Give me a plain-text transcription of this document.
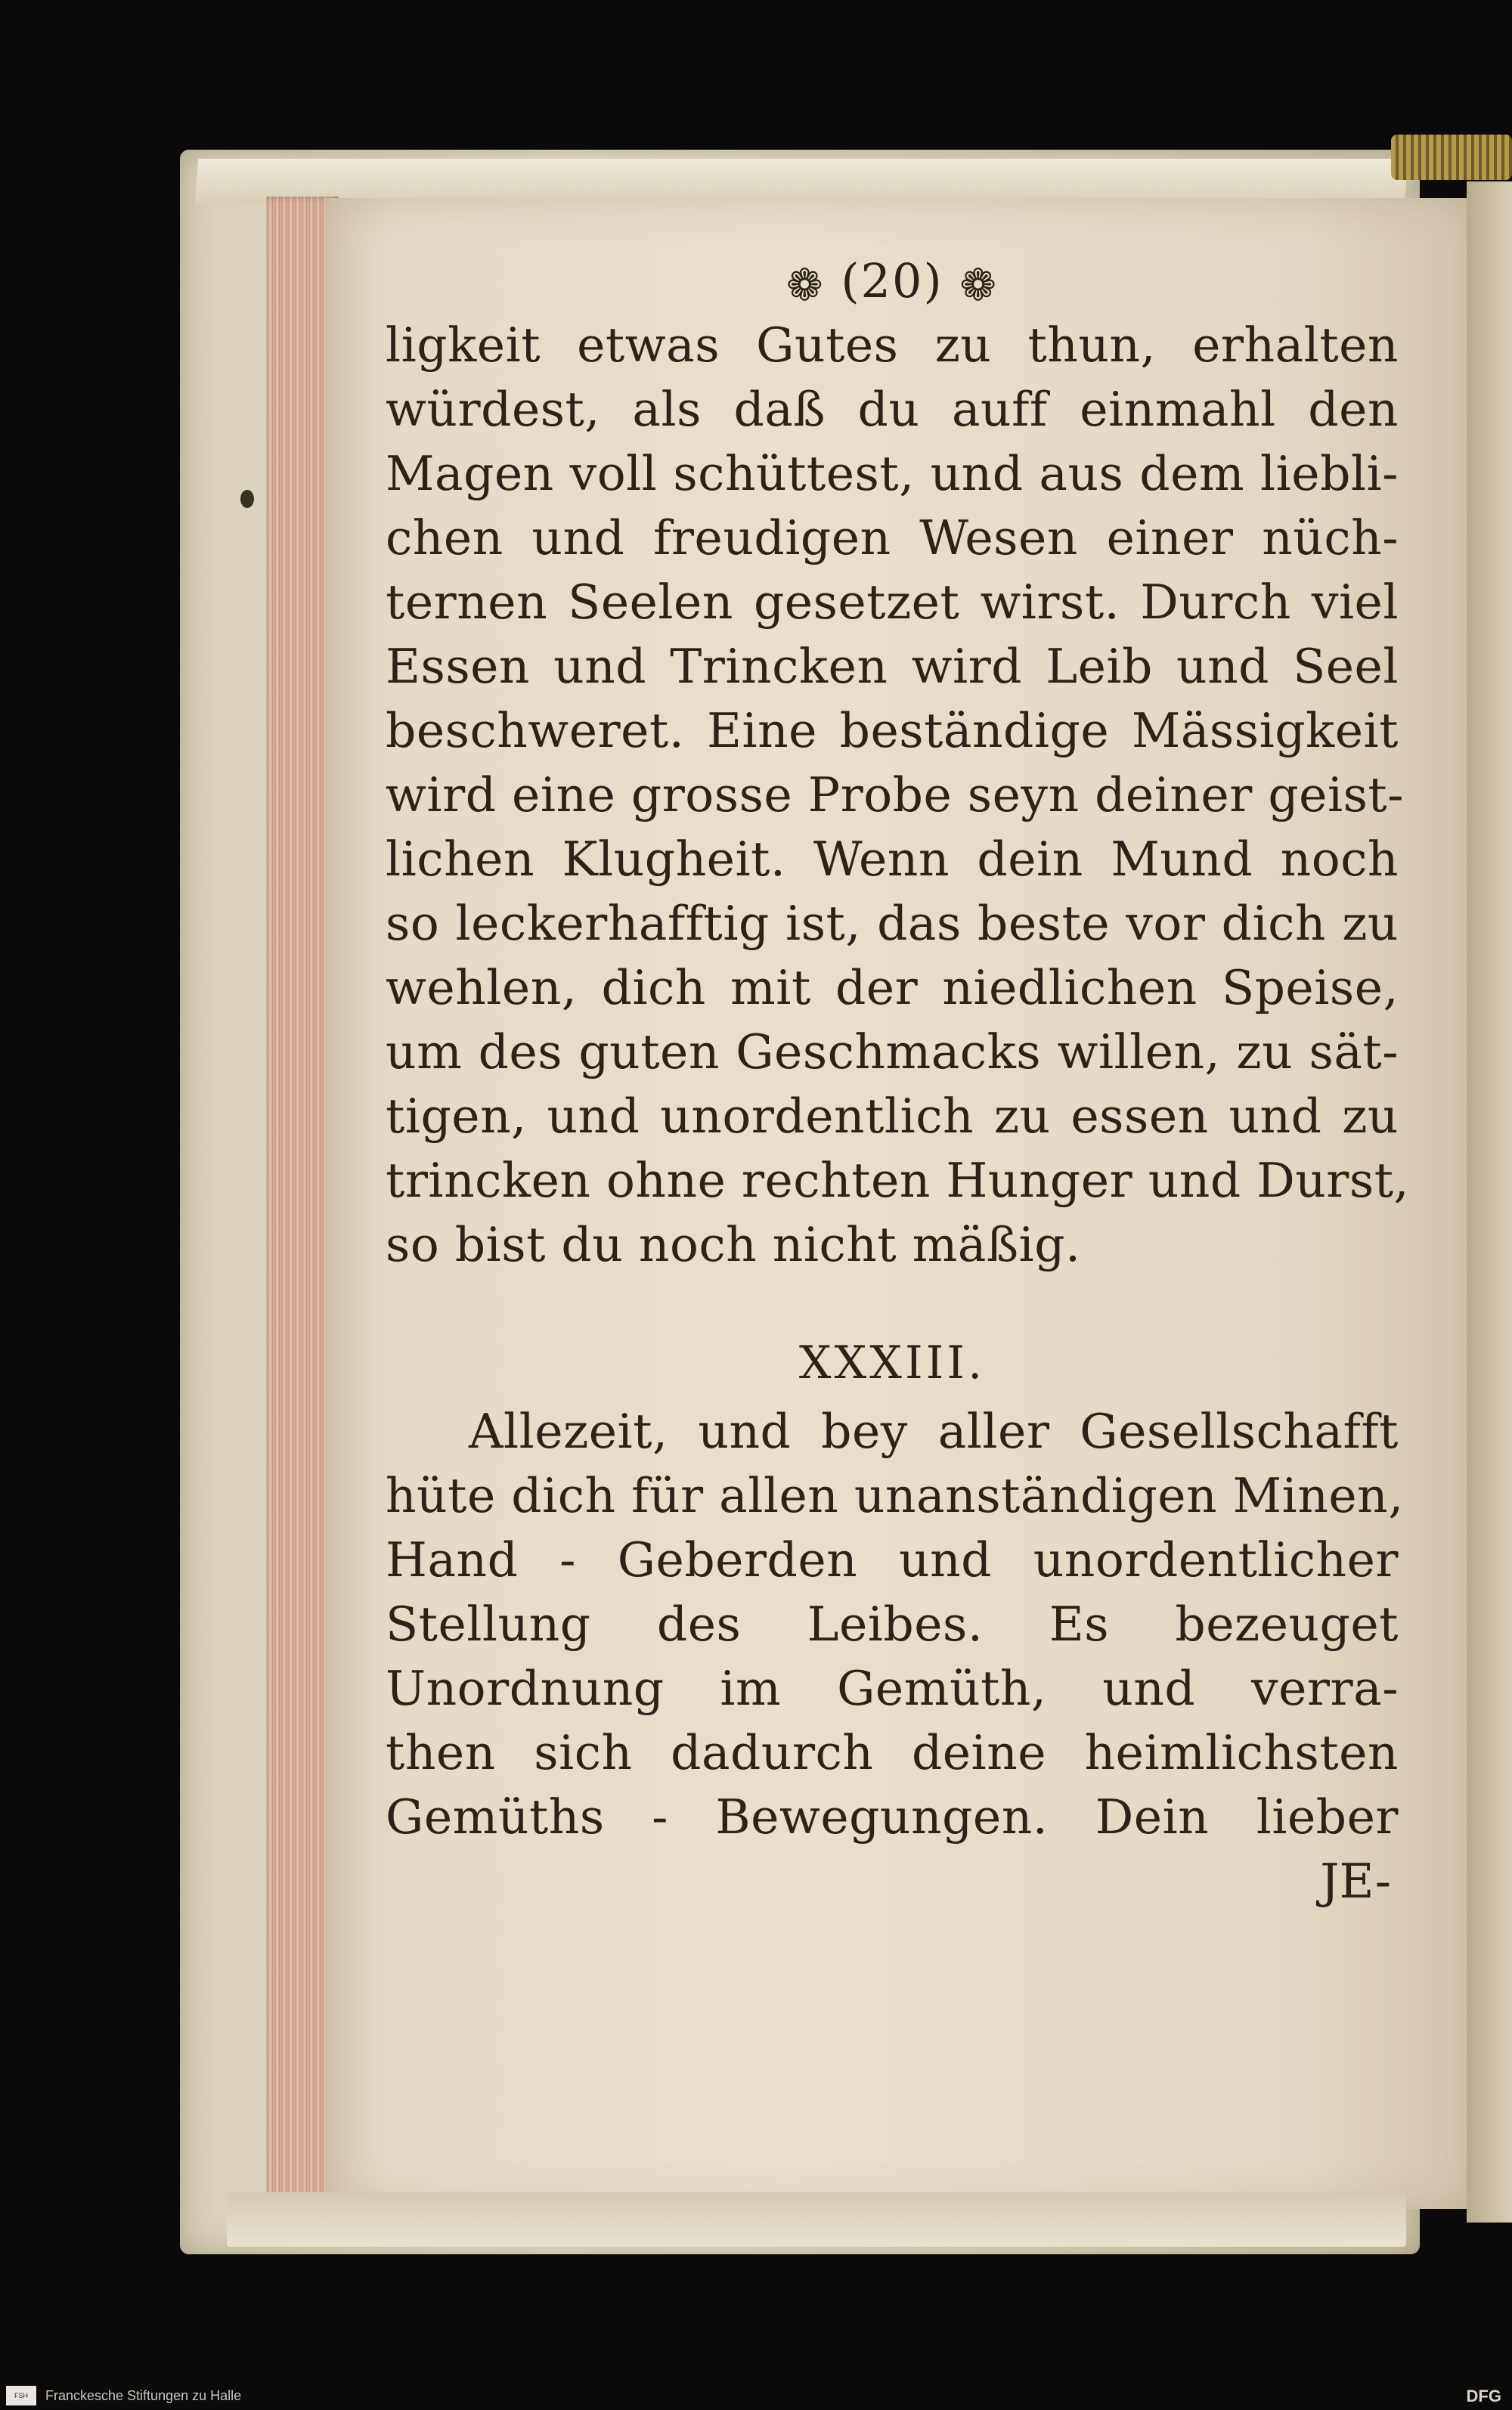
❁ (20) ❁
ligkeit etwas Gutes zu thun, erhalten
würdest, als daß du auff einmahl den
Magen voll schüttest, und aus dem liebli-
chen und freudigen Wesen einer nüch-
ternen Seelen gesetzet wirst. Durch viel
Essen und Trincken wird Leib und Seel
beschweret. Eine beständige Mässigkeit
wird eine grosse Probe seyn deiner geist-
lichen Klugheit. Wenn dein Mund noch
so leckerhafftig ist, das beste vor dich zu
wehlen, dich mit der niedlichen Speise,
um des guten Geschmacks willen, zu sät-
tigen, und unordentlich zu essen und zu
trincken ohne rechten Hunger und Durst,
so bist du noch nicht mäßig.
XXXIII.
Allezeit, und bey aller Gesellschafft
hüte dich für allen unanständigen Minen,
Hand - Geberden und unordentlicher
Stellung des Leibes. Es bezeuget
Unordnung im Gemüth, und verra-
then sich dadurch deine heimlichsten
Gemüths - Bewegungen. Dein lieber
JE-
FSH	Franckesche Stiftungen zu Halle	DFG
